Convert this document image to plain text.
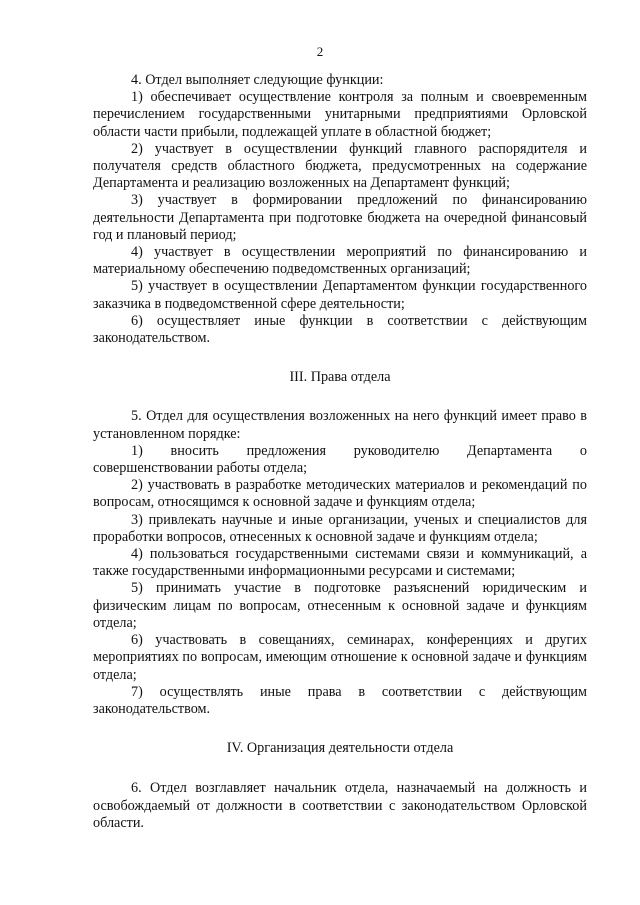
2

4. Отдел выполняет следующие функции:

1) обеспечивает осуществление контроля за полным и своевременным перечислением государственными унитарными предприятиями Орловской области части прибыли, подлежащей уплате в областной бюджет;

2) участвует в осуществлении функций главного распорядителя и получателя средств областного бюджета, предусмотренных на содержание Департамента и реализацию возложенных на Департамент функций;

3) участвует в формировании предложений по финансированию деятельности Департамента при подготовке бюджета на очередной финансовый год и плановый период;

4) участвует в осуществлении мероприятий по финансированию и материальному обеспечению подведомственных организаций;

5) участвует в осуществлении Департаментом функции государственного заказчика в подведомственной сфере деятельности;

6) осуществляет иные функции в соответствии с действующим законодательством.

III. Права отдела

5. Отдел для осуществления возложенных на него функций имеет право в установленном порядке:

1) вносить предложения руководителю Департамента о совершенствовании работы отдела;

2) участвовать в разработке методических материалов и рекомендаций по вопросам, относящимся к основной задаче и функциям отдела;

3) привлекать научные и иные организации, ученых и специалистов для проработки вопросов, отнесенных к основной задаче и функциям отдела;

4) пользоваться государственными системами связи и коммуникаций, а также государственными информационными ресурсами и системами;

5) принимать участие в подготовке разъяснений юридическим и физическим лицам по вопросам, отнесенным к основной задаче и функциям отдела;

6) участвовать в совещаниях, семинарах, конференциях и других мероприятиях по вопросам, имеющим отношение к основной задаче и функциям отдела;

7) осуществлять иные права в соответствии с действующим законодательством.

IV. Организация деятельности отдела

6. Отдел возглавляет начальник отдела, назначаемый на должность и освобождаемый от должности в соответствии с законодательством Орловской области.
